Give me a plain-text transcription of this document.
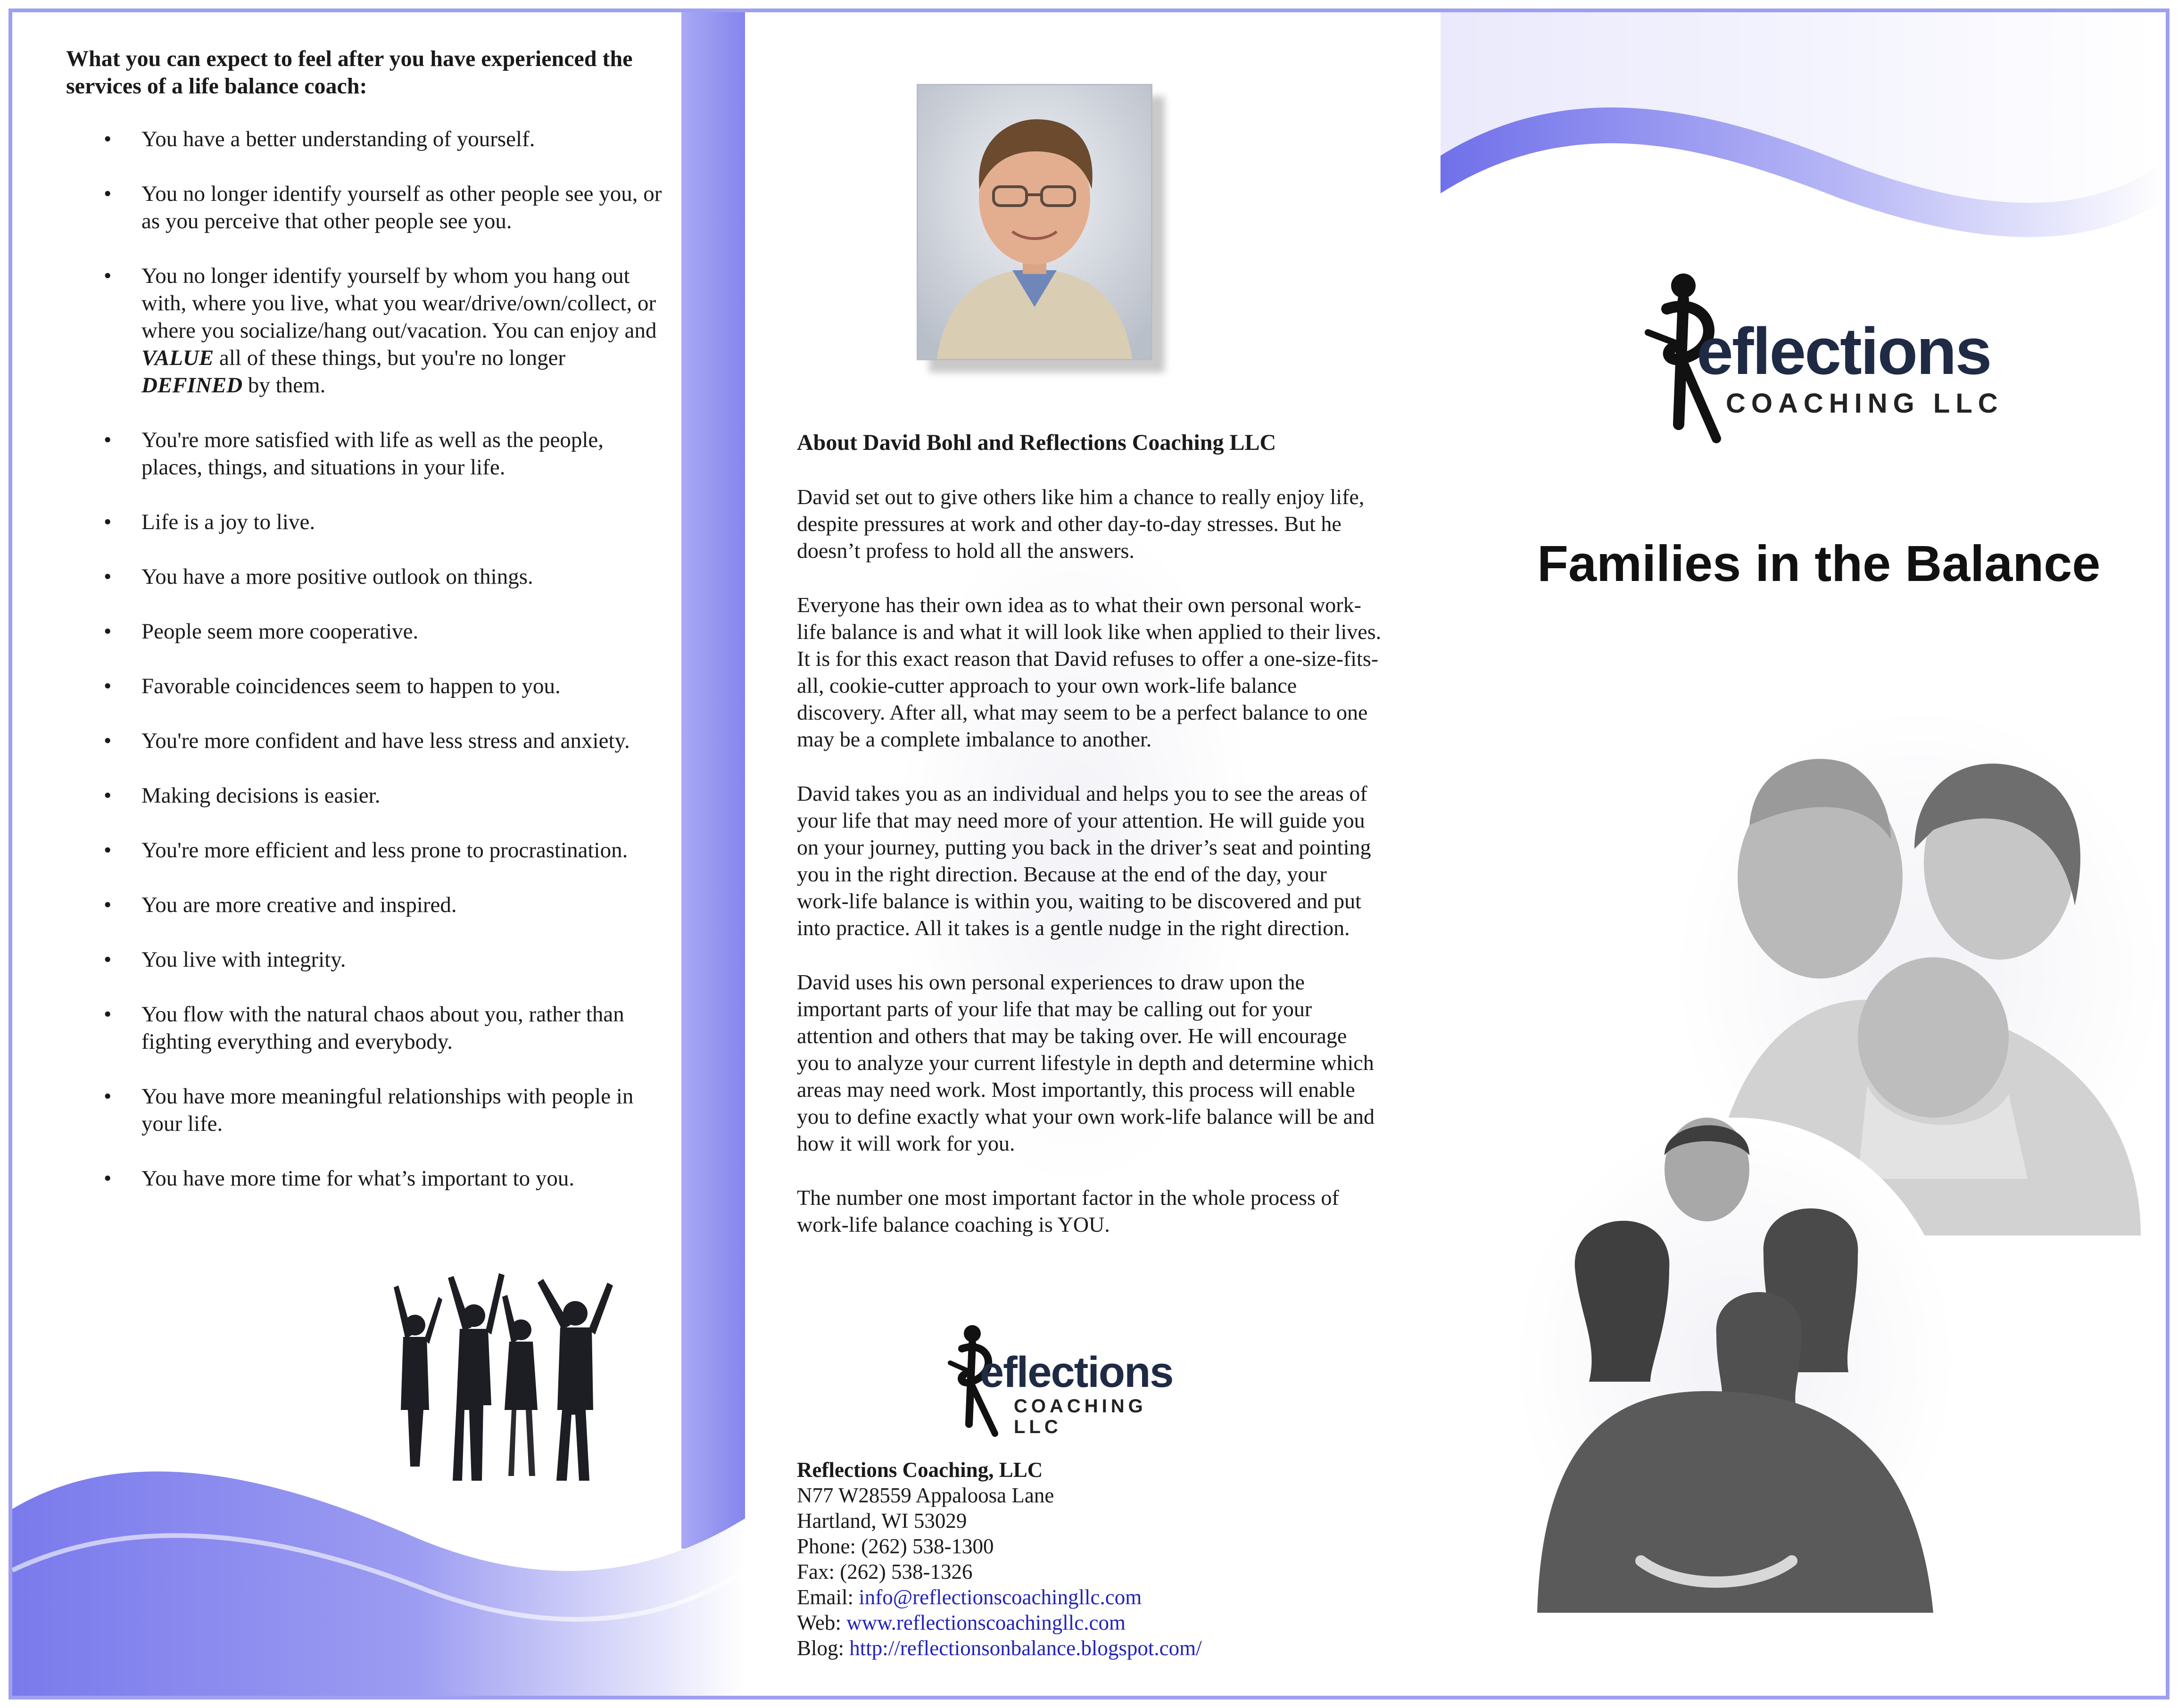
What you can expect to feel after you have experienced the services of a life balance coach:

• You have a better understanding of yourself.
• You no longer identify yourself as other people see you, or as you perceive that other people see you.
• You no longer identify yourself by whom you hang out with, where you live, what you wear/drive/own/collect, or where you socialize/hang out/vacation. You can enjoy and VALUE all of these things, but you're no longer DEFINED by them.
• You're more satisfied with life as well as the people, places, things, and situations in your life.
• Life is a joy to live.
• You have a more positive outlook on things.
• People seem more cooperative.
• Favorable coincidences seem to happen to you.
• You're more confident and have less stress and anxiety.
• Making decisions is easier.
• You're more efficient and less prone to procrastination.
• You are more creative and inspired.
• You live with integrity.
• You flow with the natural chaos about you, rather than fighting everything and everybody.
• You have more meaningful relationships with people in your life.
• You have more time for what’s important to you.

About David Bohl and Reflections Coaching LLC

David set out to give others like him a chance to really enjoy life, despite pressures at work and other day-to-day stresses. But he doesn’t profess to hold all the answers.

Everyone has their own idea as to what their own personal work-life balance is and what it will look like when applied to their lives. It is for this exact reason that David refuses to offer a one-size-fits-all, cookie-cutter approach to your own work-life balance discovery. After all, what may seem to be a perfect balance to one may be a complete imbalance to another.

David takes you as an individual and helps you to see the areas of your life that may need more of your attention. He will guide you on your journey, putting you back in the driver’s seat and pointing you in the right direction. Because at the end of the day, your work-life balance is within you, waiting to be discovered and put into practice. All it takes is a gentle nudge in the right direction.

David uses his own personal experiences to draw upon the important parts of your life that may be calling out for your attention and others that may be taking over. He will encourage you to analyze your current lifestyle in depth and determine which areas may need work. Most importantly, this process will enable you to define exactly what your own work-life balance will be and how it will work for you.

The number one most important factor in the whole process of work-life balance coaching is YOU.

eflections
COACHING LLC
Reflections Coaching, LLC
N77 W28559 Appaloosa Lane
Hartland, WI 53029
Phone: (262) 538-1300
Fax: (262) 538-1326
Email: info@reflectionscoachingllc.com
Web: www.reflectionscoachingllc.com
Blog: http://reflectionsonbalance.blogspot.com/
eflections
COACHING LLC
Families in the Balance
